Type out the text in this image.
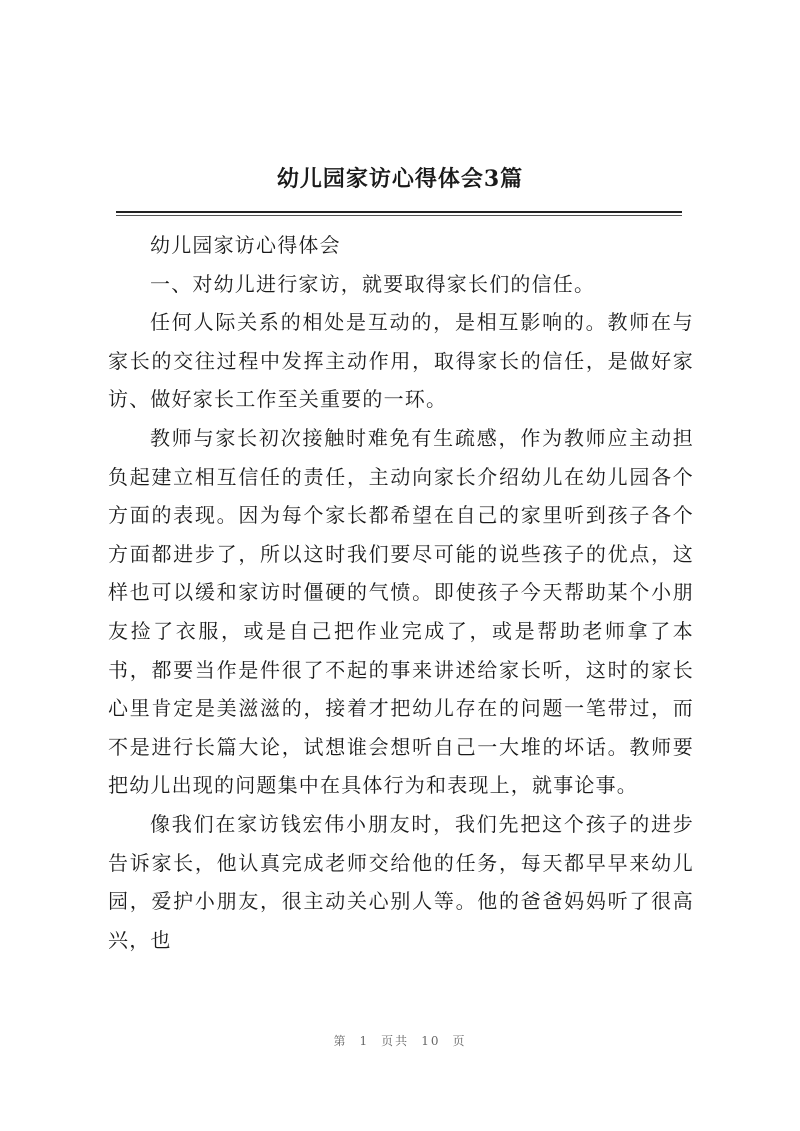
幼儿园家访心得体会3篇

幼儿园家访心得体会

一、对幼儿进行家访，就要取得家长们的信任。

任何人际关系的相处是互动的，是相互影响的。教师在与家长的交往过程中发挥主动作用，取得家长的信任，是做好家访、做好家长工作至关重要的一环。

教师与家长初次接触时难免有生疏感，作为教师应主动担负起建立相互信任的责任，主动向家长介绍幼儿在幼儿园各个方面的表现。因为每个家长都希望在自己的家里听到孩子各个方面都进步了，所以这时我们要尽可能的说些孩子的优点，这样也可以缓和家访时僵硬的气愤。即使孩子今天帮助某个小朋友捡了衣服，或是自己把作业完成了，或是帮助老师拿了本书，都要当作是件很了不起的事来讲述给家长听，这时的家长心里肯定是美滋滋的，接着才把幼儿存在的问题一笔带过，而不是进行长篇大论，试想谁会想听自己一大堆的坏话。教师要把幼儿出现的问题集中在具体行为和表现上，就事论事。

像我们在家访钱宏伟小朋友时，我们先把这个孩子的进步告诉家长，他认真完成老师交给他的任务，每天都早早来幼儿园，爱护小朋友，很主动关心别人等。他的爸爸妈妈听了很高兴，也

第 1 页共 10 页
